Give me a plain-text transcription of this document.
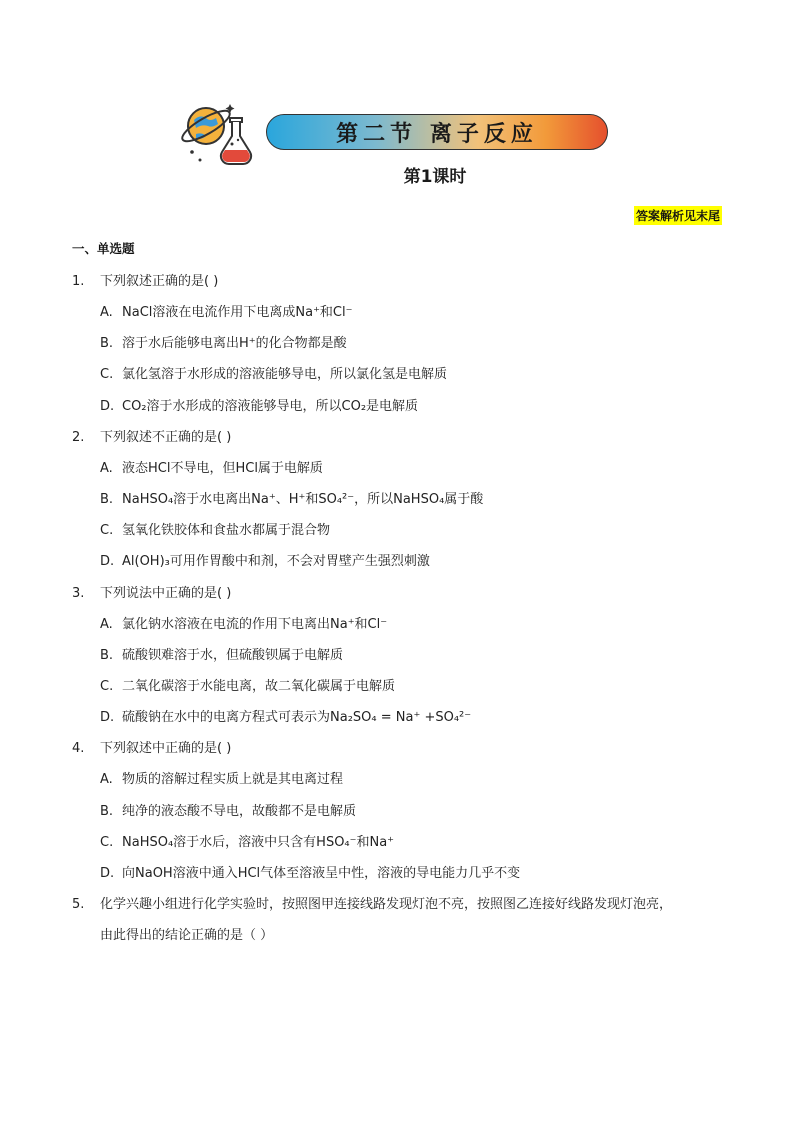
第二节 离子反应
第1课时
答案解析见末尾
一、单选题
1.	下列叙述正确的是( )
A. NaCl溶液在电流作用下电离成Na⁺和Cl⁻
B. 溶于水后能够电离出H⁺的化合物都是酸
C. 氯化氢溶于水形成的溶液能够导电，所以氯化氢是电解质
D. CO₂溶于水形成的溶液能够导电，所以CO₂是电解质
2.	下列叙述不正确的是( )
A. 液态HCl不导电，但HCl属于电解质
B. NaHSO₄溶于水电离出Na⁺、H⁺和SO₄²⁻，所以NaHSO₄属于酸
C. 氢氧化铁胶体和食盐水都属于混合物
D. Al(OH)₃可用作胃酸中和剂，不会对胃壁产生强烈刺激
3.	下列说法中正确的是( )
A. 氯化钠水溶液在电流的作用下电离出Na⁺和Cl⁻
B. 硫酸钡难溶于水，但硫酸钡属于电解质
C. 二氧化碳溶于水能电离，故二氧化碳属于电解质
D. 硫酸钠在水中的电离方程式可表示为Na₂SO₄ = Na⁺ +SO₄²⁻
4.	下列叙述中正确的是( )
A. 物质的溶解过程实质上就是其电离过程
B. 纯净的液态酸不导电，故酸都不是电解质
C. NaHSO₄溶于水后，溶液中只含有HSO₄⁻和Na⁺
D. 向NaOH溶液中通入HCl气体至溶液呈中性，溶液的导电能力几乎不变
5.	化学兴趣小组进行化学实验时，按照图甲连接线路发现灯泡不亮，按照图乙连接好线路发现灯泡亮，
由此得出的结论正确的是（ ）
